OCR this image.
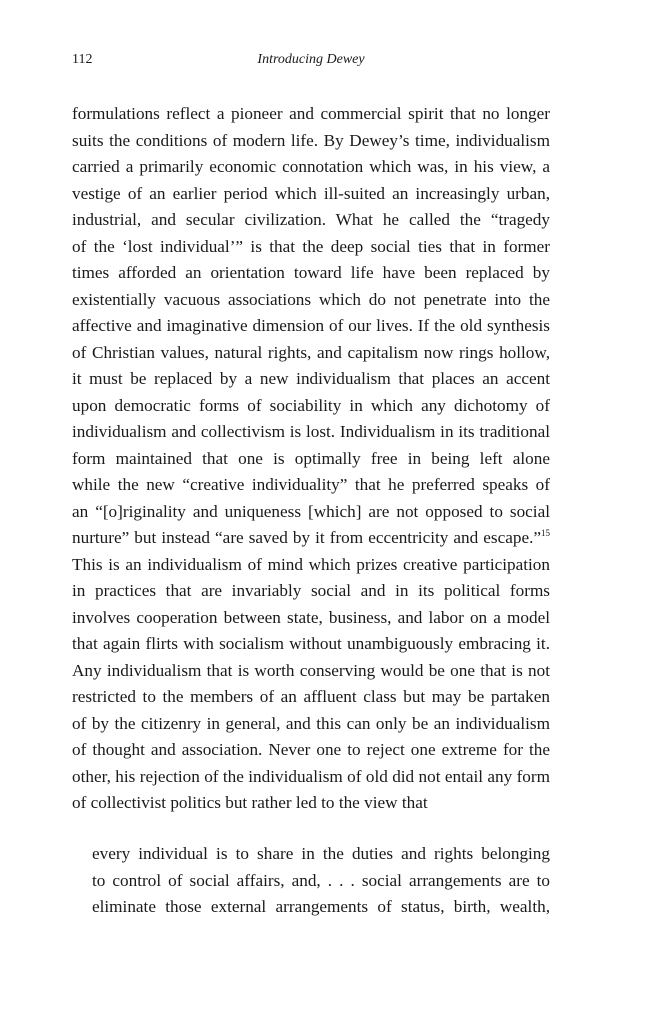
112	Introducing Dewey
formulations reflect a pioneer and commercial spirit that no longer
suits the conditions of modern life. By Dewey’s time, individualism
carried a primarily economic connotation which was, in his view, a
vestige of an earlier period which ill-suited an increasingly urban,
industrial, and secular civilization. What he called the “tragedy
of the ‘lost individual’” is that the deep social ties that in former
times afforded an orientation toward life have been replaced by
existentially vacuous associations which do not penetrate into the
affective and imaginative dimension of our lives. If the old synthesis
of Christian values, natural rights, and capitalism now rings hollow,
it must be replaced by a new individualism that places an accent
upon democratic forms of sociability in which any dichotomy of
individualism and collectivism is lost. Individualism in its traditional
form maintained that one is optimally free in being left alone
while the new “creative individuality” that he preferred speaks of
an “[o]riginality and uniqueness [which] are not opposed to social
nurture” but instead “are saved by it from eccentricity and escape.”$^{15}$
This is an individualism of mind which prizes creative participation
in practices that are invariably social and in its political forms
involves cooperation between state, business, and labor on a model
that again flirts with socialism without unambiguously embracing it.
Any individualism that is worth conserving would be one that is not
restricted to the members of an affluent class but may be partaken
of by the citizenry in general, and this can only be an individualism
of thought and association. Never one to reject one extreme for the
other, his rejection of the individualism of old did not entail any form
of collectivist politics but rather led to the view that
every individual is to share in the duties and rights belonging
to control of social affairs, and, . . . social arrangements are to
eliminate those external arrangements of status, birth, wealth,
